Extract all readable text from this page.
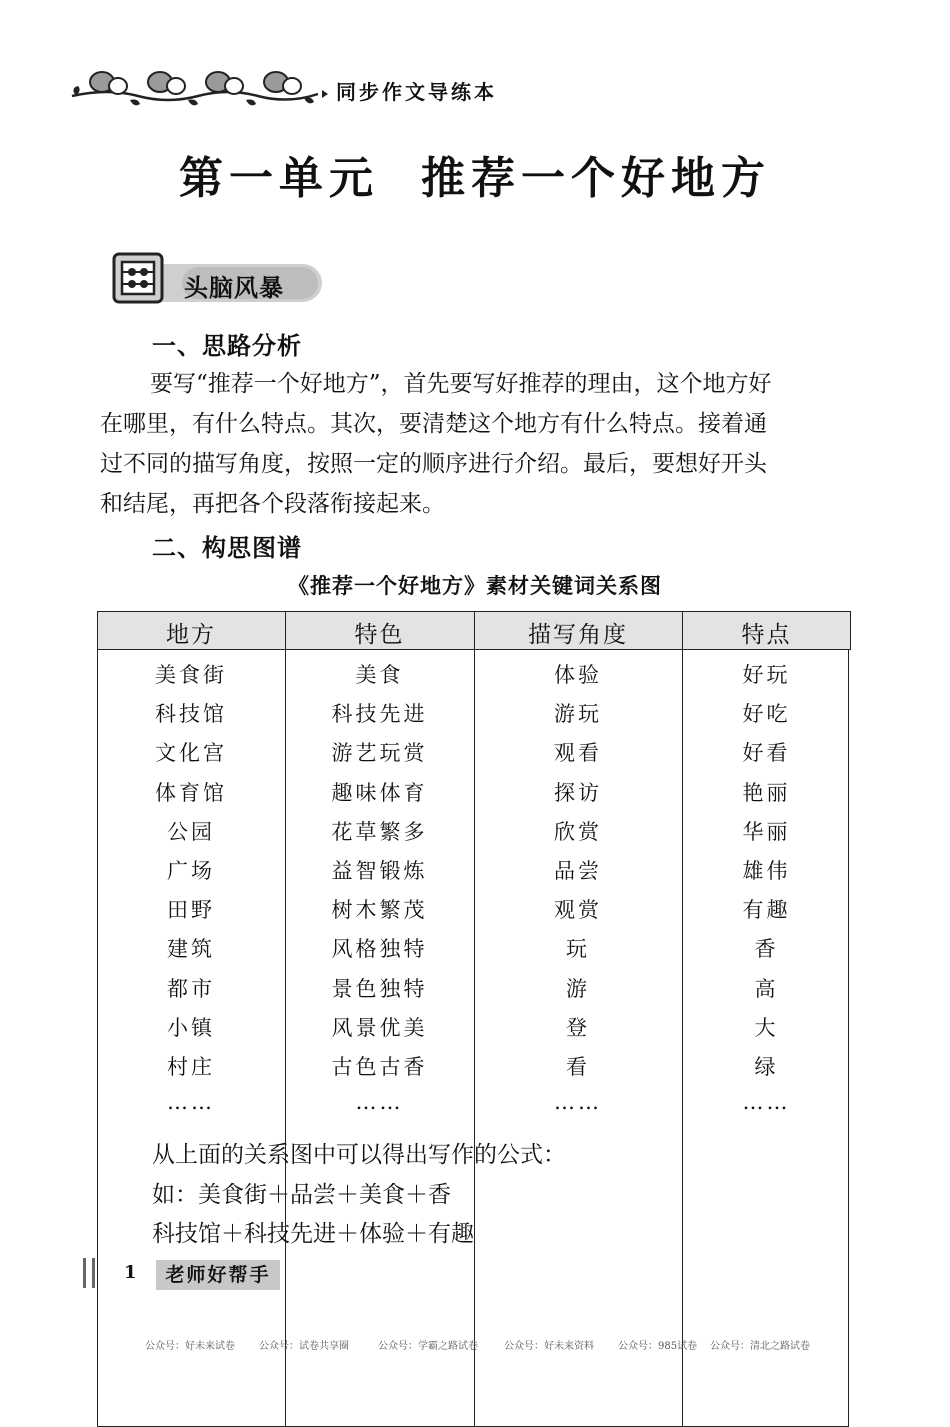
同步作文导练本
第一单元 推荐一个好地方
头脑风暴
一、思路分析
要写“推荐一个好地方”，首先要写好推荐的理由，这个地方好
在哪里，有什么特点。其次，要清楚这个地方有什么特点。接着通
过不同的描写角度，按照一定的顺序进行介绍。最后，要想好开头
和结尾，再把各个段落衔接起来。
二、构思图谱
《推荐一个好地方》素材关键词关系图
地方	特色	描写角度	特点
美食街	美食	体验	好玩
科技馆	科技先进	游玩	好吃
文化宫	游艺玩赏	观看	好看
体育馆	趣味体育	探访	艳丽
公园	花草繁多	欣赏	华丽
广场	益智锻炼	品尝	雄伟
田野	树木繁茂	观赏	有趣
建筑	风格独特	玩	香
都市	景色独特	游	高
小镇	风景优美	登	大
村庄	古色古香	看	绿
……	……	……	……
从上面的关系图中可以得出写作的公式：
如：美食街＋品尝＋美食＋香
科技馆＋科技先进＋体验＋有趣
1	老师好帮手
公众号：好未来试卷 公众号：试卷共享圈	公众号：学霸之路试卷	公众号：好未来资料 公众号：985试卷 公众号：清北之路试卷
